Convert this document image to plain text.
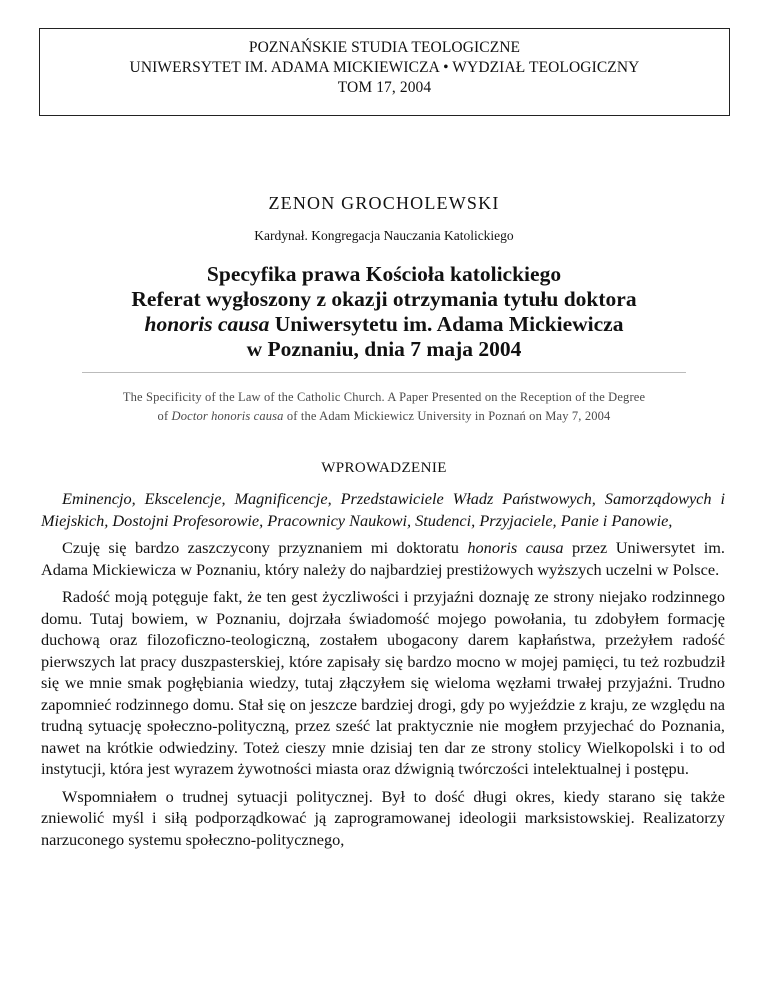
POZNAŃSKIE STUDIA TEOLOGICZNE
UNIWERSYTET IM. ADAMA MICKIEWICZA • WYDZIAŁ TEOLOGICZNY
TOM 17, 2004
ZENON GROCHOLEWSKI
Kardynał. Kongregacja Nauczania Katolickiego
Specyfika prawa Kościoła katolickiego
Referat wygłoszony z okazji otrzymania tytułu doktora
honoris causa Uniwersytetu im. Adama Mickiewicza
w Poznaniu, dnia 7 maja 2004
The Specificity of the Law of the Catholic Church. A Paper Presented on the Reception of the Degree
of Doctor honoris causa of the Adam Mickiewicz University in Poznań on May 7, 2004
WPROWADZENIE

Eminencjo, Ekscelencje, Magnificencje, Przedstawiciele Władz Państwowych, Samorządowych i Miejskich, Dostojni Profesorowie, Pracownicy Naukowi, Studenci, Przyjaciele, Panie i Panowie,

Czuję się bardzo zaszczycony przyznaniem mi doktoratu honoris causa przez Uniwersytet im. Adama Mickiewicza w Poznaniu, który należy do najbardziej prestiżowych wyższych uczelni w Polsce.

Radość moją potęguje fakt, że ten gest życzliwości i przyjaźni doznaję ze strony niejako rodzinnego domu. Tutaj bowiem, w Poznaniu, dojrzała świadomość mojego powołania, tu zdobyłem formację duchową oraz filozoficzno-teologiczną, zostałem ubogacony darem kapłaństwa, przeżyłem radość pierwszych lat pracy duszpasterskiej, które zapisały się bardzo mocno w mojej pamięci, tu też rozbudził się we mnie smak pogłębiania wiedzy, tutaj złączyłem się wieloma węzłami trwałej przyjaźni. Trudno zapomnieć rodzinnego domu. Stał się on jeszcze bardziej drogi, gdy po wyjeździe z kraju, ze względu na trudną sytuację społeczno-polityczną, przez sześć lat praktycznie nie mogłem przyjechać do Poznania, nawet na krótkie odwiedziny. Toteż cieszy mnie dzisiaj ten dar ze strony stolicy Wielkopolski i to od instytucji, która jest wyrazem żywotności miasta oraz dźwignią twórczości intelektualnej i postępu.

Wspomniałem o trudnej sytuacji politycznej. Był to dość długi okres, kiedy starano się także zniewolić myśl i siłą podporządkować ją zaprogramowanej ideologii marksistowskiej. Realizatorzy narzuconego systemu społeczno-politycznego,
